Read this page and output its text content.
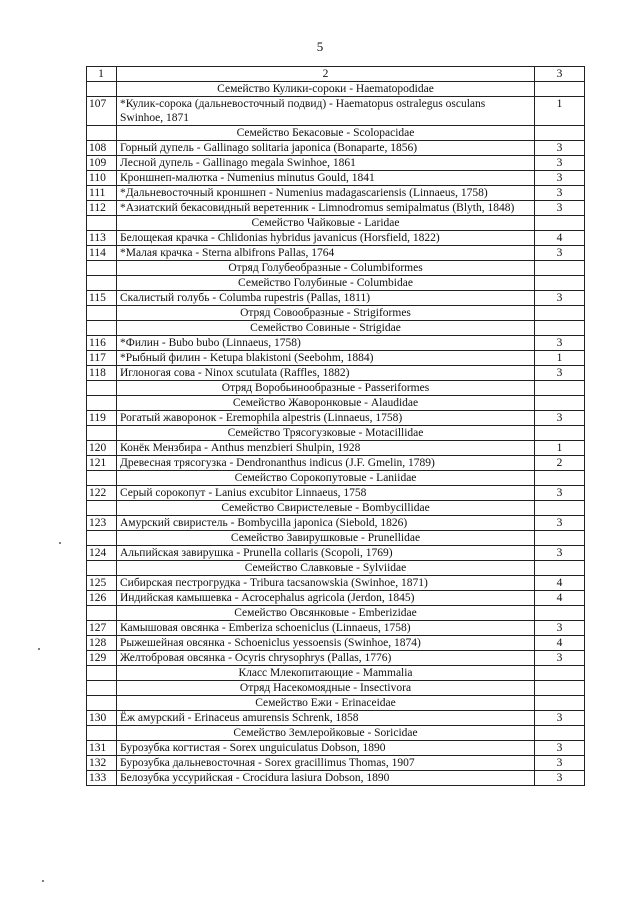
5
1	2	3
	Семейство Кулики-сороки - Haematopodidae	
107	*Кулик-сорока (дальневосточный подвид) - Haematopus ostralegus osculans Swinhoe, 1871	1
	Семейство Бекасовые - Scolopacidae	
108	Горный дупель - Gallinago solitaria japonica (Bonaparte, 1856)	3
109	Лесной дупель - Gallinago megala Swinhoe, 1861	3
110	Кроншнеп-малютка - Numenius minutus Gould, 1841	3
111	*Дальневосточный кроншнеп - Numenius madagascariensis (Linnaeus, 1758)	3
112	*Азиатский бекасовидный веретенник - Limnodromus semipalmatus (Blyth, 1848)	3
	Семейство Чайковые - Laridae	
113	Белощекая крачка - Chlidonias hybridus javanicus (Horsfield, 1822)	4
114	*Малая крачка - Sterna albifrons Pallas, 1764	3
	Отряд Голубеобразные - Columbiformes	
	Семейство Голубиные - Columbidae	
115	Скалистый голубь - Columba rupestris (Pallas, 1811)	3
	Отряд Совообразные - Strigiformes	
	Семейство Совиные - Strigidae	
116	*Филин - Bubo bubo (Linnaeus, 1758)	3
117	*Рыбный филин - Ketupa blakistoni (Seebohm, 1884)	1
118	Иглоногая сова - Ninox scutulata (Raffles, 1882)	3
	Отряд Воробьинообразные - Passeriformes	
	Семейство Жаворонковые - Alaudidae	
119	Рогатый жаворонок - Eremophila alpestris (Linnaeus, 1758)	3
	Семейство Трясогузковые - Motacillidae	
120	Конёк Мензбира - Anthus menzbieri Shulpin, 1928	1
121	Древесная трясогузка - Dendronanthus indicus (J.F. Gmelin, 1789)	2
	Семейство Сорокопутовые - Laniidae	
122	Серый сорокопут - Lanius excubitor Linnaeus, 1758	3
	Семейство Свиристелевые - Bombycillidae	
123	Амурский свиристель - Bombycilla japonica (Siebold, 1826)	3
	Семейство Завирушковые - Prunellidae	
124	Альпийская завирушка - Prunella collaris (Scopoli, 1769)	3
	Семейство Славковые - Sylviidae	
125	Сибирская пестрогрудка - Tribura tacsanowskia (Swinhoe, 1871)	4
126	Индийская камышевка - Acrocephalus agricola (Jerdon, 1845)	4
	Семейство Овсянковые - Emberizidae	
127	Камышовая овсянка - Emberiza schoeniclus (Linnaeus, 1758)	3
128	Рыжешейная овсянка - Schoeniclus yessoensis (Swinhoe, 1874)	4
129	Желтобровая овсянка - Ocyris chrysophrys (Pallas, 1776)	3
	Класс Млекопитающие - Mammalia	
	Отряд Насекомоядные - Insectivora	
	Семейство Ежи - Erinaceidae	
130	Ёж амурский - Erinaceus amurensis Schrenk, 1858	3
	Семейство Землеройковые - Soricidae	
131	Бурозубка когтистая - Sorex unguiculatus Dobson, 1890	3
132	Бурозубка дальневосточная - Sorex gracillimus Thomas, 1907	3
133	Белозубка уссурийская - Crocidura lasiura Dobson, 1890	3
